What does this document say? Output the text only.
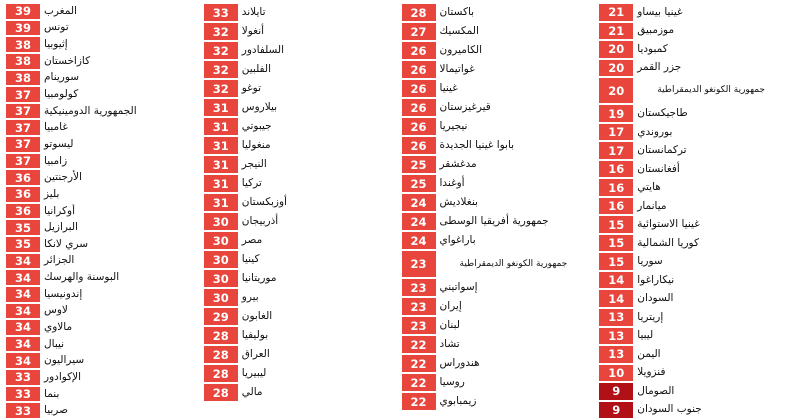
غينيا بيساو
21
موزمبيق
21
كمبوديا
20
جزر القمر
20
جمهورية الكونغو الديمقراطية
20
طاجيكستان
19
بوروندي
17
تركمانستان
17
أفغانستان
16
هايتي
16
ميانمار
16
غينيا الاستوائية
15
كوريا الشمالية
15
سوريا
15
نيكاراغوا
14
السودان
14
إريتريا
13
ليبيا
13
اليمن
13
فنزويلا
10
الصومال
9
جنوب السودان
9
باكستان
28
المكسيك
27
الكاميرون
26
غواتيمالا
26
غينيا
26
قيرغيزستان
26
نيجيريا
26
بابوا غينيا الجديدة
26
مدغشقر
25
أوغندا
25
بنغلاديش
24
جمهورية أفريقيا الوسطى
24
باراغواي
24
جمهورية الكونغو الديمقراطية
23
إسواتيني
23
إيران
23
لبنان
23
تشاد
22
هندوراس
22
روسيا
22
زيمبابوي
22
تايلاند
33
أنغولا
32
السلفادور
32
الفلبين
32
توغو
32
بيلاروس
31
جيبوتي
31
منغوليا
31
النيجر
31
تركيا
31
أوزبكستان
31
أذربيجان
30
مصر
30
كينيا
30
موريتانيا
30
بيرو
30
الغابون
29
بوليفيا
28
العراق
28
ليبيريا
28
مالي
28
المغرب
39
تونس
39
إثيوبيا
38
كازاخستان
38
سورينام
38
كولومبيا
37
الجمهورية الدومينيكية
37
غامبيا
37
ليسوتو
37
زامبيا
37
الأرجنتين
36
بليز
36
أوكرانيا
36
البرازيل
35
سري لانكا
35
الجزائر
34
البوسنة والهرسك
34
إندونيسيا
34
لاوس
34
مالاوي
34
نيبال
34
سيراليون
34
الإكوادور
33
بنما
33
صربيا
33
